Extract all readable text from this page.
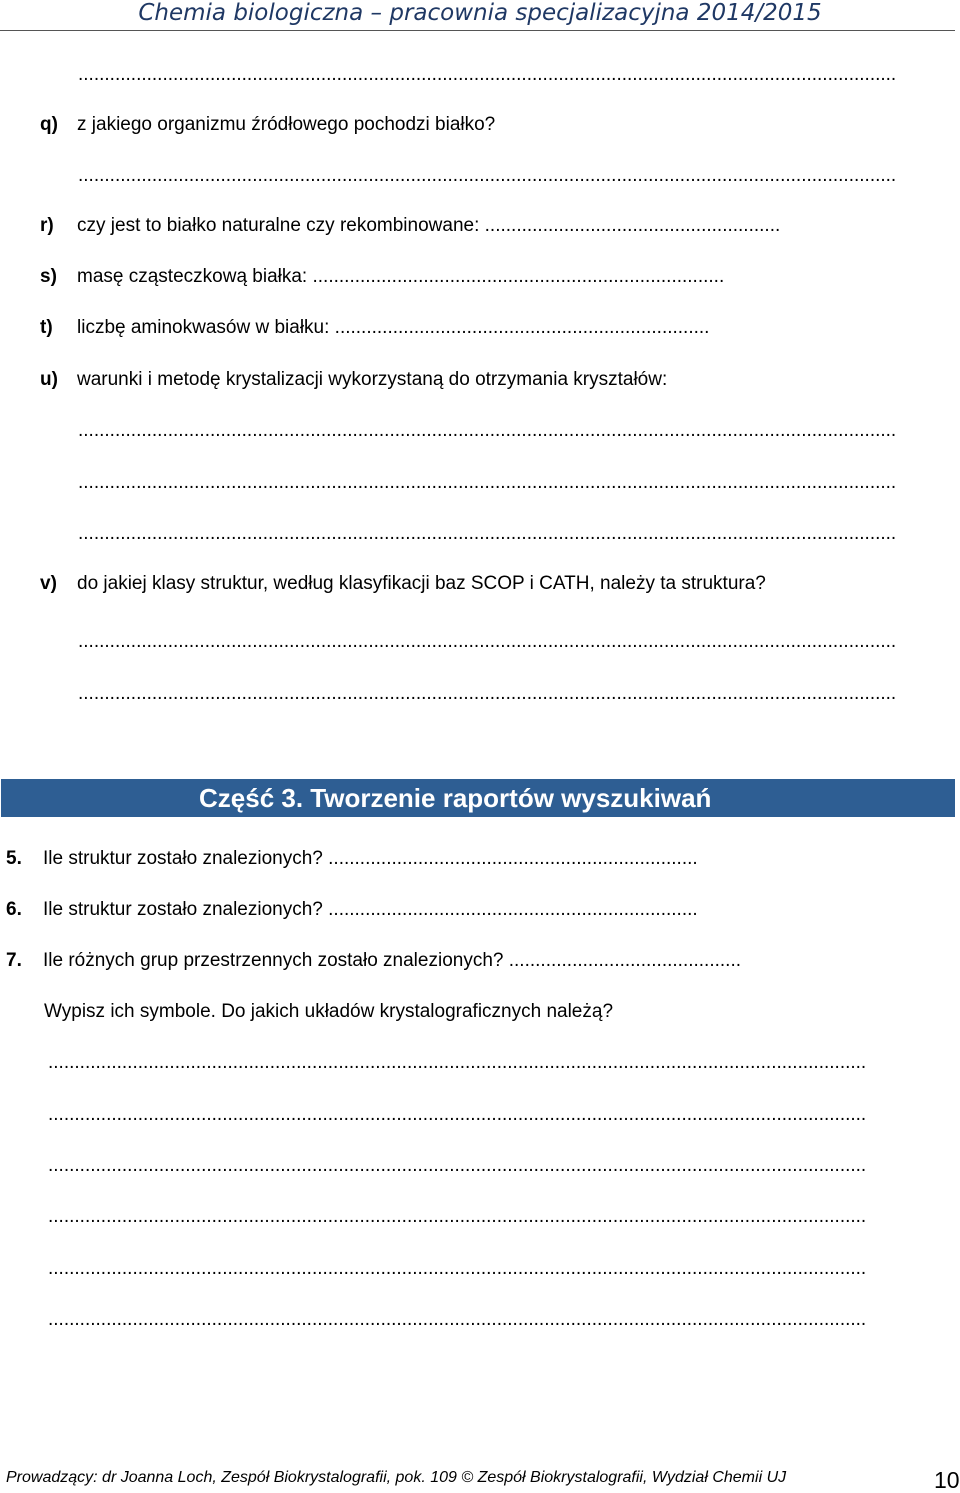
Chemia biologiczna – pracownia specjalizacyjna 2014/2015
...........................................................................................................................................................
q) z jakiego organizmu źródłowego pochodzi białko?
...........................................................................................................................................................
r) czy jest to białko naturalne czy rekombinowane: ........................................................
s) masę cząsteczkową białka: ..............................................................................
t) liczbę aminokwasów w białku: .......................................................................
u) warunki i metodę krystalizacji wykorzystaną do otrzymania kryształów:
...........................................................................................................................................................
...........................................................................................................................................................
...........................................................................................................................................................
v) do jakiej klasy struktur, według klasyfikacji baz SCOP i CATH, należy ta struktura?
...........................................................................................................................................................
...........................................................................................................................................................
Część 3. Tworzenie raportów wyszukiwań
5. Ile struktur zostało znalezionych? ......................................................................
6. Ile struktur zostało znalezionych? ......................................................................
7. Ile różnych grup przestrzennych zostało znalezionych? ............................................
Wypisz ich symbole. Do jakich układów krystalograficznych należą?
...........................................................................................................................................................
...........................................................................................................................................................
...........................................................................................................................................................
...........................................................................................................................................................
...........................................................................................................................................................
...........................................................................................................................................................
Prowadzący: dr Joanna Loch, Zespół Biokrystalografii, pok. 109 © Zespół Biokrystalografii, Wydział Chemii UJ	10
